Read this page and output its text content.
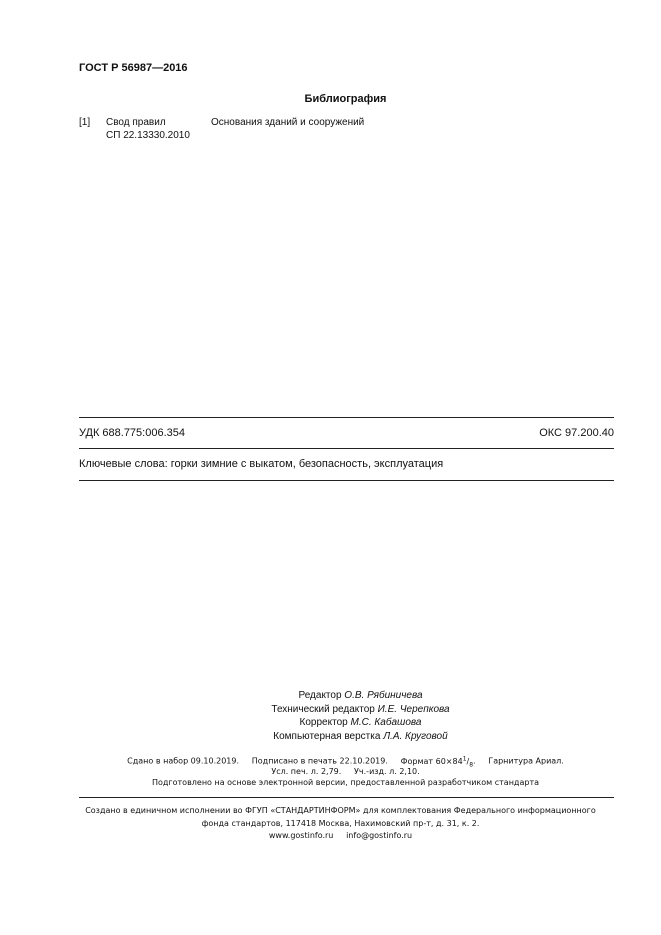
ГОСТ Р 56987—2016
Библиография
[1] Свод правил
СП 22.13330.2010
Основания зданий и сооружений
УДК 688.775:006.354	ОКС 97.200.40
Ключевые слова: горки зимние с выкатом, безопасность, эксплуатация
Редактор О.В. Рябиничева
Технический редактор И.Е. Черепкова
Корректор М.С. Кабашова
Компьютерная верстка Л.А. Круговой
Сдано в набор 09.10.2019. Подписано в печать 22.10.2019. Формат $60\times 84^1/_8$.     Гарнитура Ариал.
Усл. печ. л. 2,79. Уч.-изд. л. 2,10.
Подготовлено на основе электронной версии, предоставленной разработчиком стандарта
Создано в единичном исполнении во ФГУП «СТАНДАРТИНФОРМ» для комплектования Федерального информационного
фонда стандартов, 117418 Москва, Нахимовский пр-т, д. 31, к. 2.
www.gostinfo.ru info@gostinfo.ru
